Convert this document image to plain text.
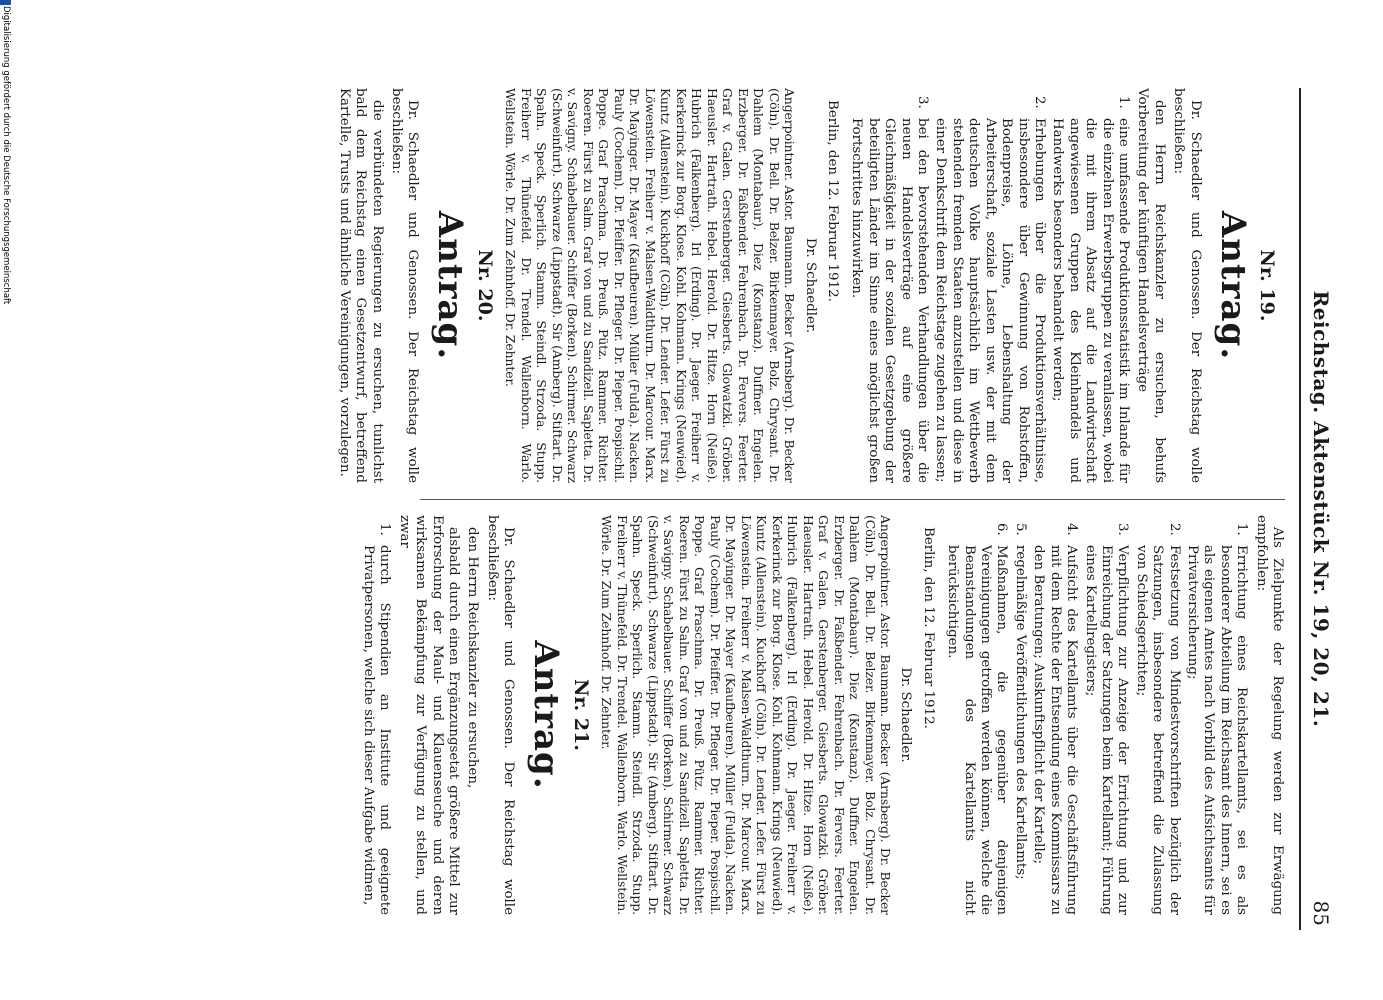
Reichstag. Aktenstück Nr. 19, 20, 21.
85
Nr. 19.
Antrag.

Dr. Schaedler und Genossen. Der Reichstag wolle beschließen:

den Herrn Reichskanzler zu ersuchen, behufs Vorbereitung der künftigen Handelsverträge

1.
eine umfassende Produktionsstatistik im Inlande für die einzelnen Erwerbsgruppen zu veranlassen, wobei die mit ihrem Absatz auf die Landwirtschaft angewiesenen Gruppen des Kleinhandels und Handwerks besonders behandelt werden;
2.
Erhebungen über die Produktionsverhältnisse, insbesondere über Gewinnung von Rohstoffen, Bodenpreise, Löhne, Lebenshaltung der Arbeiterschaft, soziale Lasten usw. der mit dem deutschen Volke hauptsächlich im Wettbewerb stehenden fremden Staaten anzustellen und diese in einer Denkschrift dem Reichstage zugehen zu lassen;
3.
bei den bevorstehenden Verhandlungen über die neuen Handelsverträge auf eine größere Gleichmäßigkeit in der sozialen Gesetzgebung der beteiligten Länder im Sinne eines möglichst großen Fortschrittes hinzuwirken.

Berlin, den 12. Februar 1912.

Dr. Schaedler.

Angerpointner. Astor. Baumann. Becker (Arnsberg). Dr. Becker (Cöln). Dr. Bell. Dr. Belzer. Birkenmayer. Bolz. Chrysant. Dr. Dahlem (Montabaur). Diez (Konstanz). Duffner. Engelen. Erzberger. Dr. Faßbender. Fehrenbach. Dr. Fervers. Feerter. Graf v. Galen. Gerstenberger. Giesberts. Glowatzki. Gröber. Haeusler. Hartrath. Hebel. Herold. Dr. Hitze. Horn (Neiße). Hubrich (Falkenberg). Irl (Erding). Dr. Jaeger. Freiherr v. Kerkerinck zur Borg. Klose. Kohl. Kohmann. Krings (Neuwied). Kuntz (Allenstein). Kuckhoff (Cöln). Dr. Lender. Lefer. Fürst zu Löwenstein. Freiherr v. Malsen-Waldthurn. Dr. Marcour. Marx. Dr. Mayinger. Dr. Mayer (Kaufbeuren). Müller (Fulda). Nacken. Pauly (Cochem). Dr. Pfeiffer. Dr. Pfleger. Dr. Pieper. Pospischil. Poppe. Graf Praschma. Dr. Preuß. Pütz. Rammer. Richter. Roeren. Fürst zu Salm. Graf von und zu Sandizell. Sapletta. Dr. v. Savigny. Schabelbauer. Schiffer (Borken). Schirmer. Schwarz (Schweinfurt). Schwarze (Lippstadt). Sir (Amberg). Stiftart. Dr. Spahn. Speck. Sperlich. Stamm. Steindl. Strzoda. Stupp. Freiherr v. Thünefeld. Dr. Trendel. Wallenborn. Warlo. Wellstein. Wörle. Dr. Zum Zehnhoff. Dr. Zehnter.

Nr. 20.
Antrag.

Dr. Schaedler und Genossen. Der Reichstag wolle beschließen:

die verbündeten Regierungen zu ersuchen, tunlichst bald dem Reichstag einen Gesetzentwurf, betreffend Kartelle, Trusts und ähnliche Vereinigungen, vorzulegen.

Als Zielpunkte der Regelung werden zur Erwägung empfohlen:

1.
Errichtung eines Reichskartellamts, sei es als besonderer Abteilung im Reichsamt des Innern, sei es als eigenen Amtes nach Vorbild des Aufsichtsamts für Privatversicherung;
2.
Festsetzung von Mindestvorschriften bezüglich der Satzungen, insbesondere betreffend die Zulassung von Schiedsgerichten;
3.
Verpflichtung zur Anzeige der Errichtung und zur Einreichung der Satzungen beim Kartellamt; Führung eines Kartellregisters;
4.
Aufsicht des Kartellamts über die Geschäftsführung mit dem Rechte der Entsendung eines Kommissars zu den Beratungen; Auskunftspflicht der Kartelle;
5.
regelmäßige Veröffentlichungen des Kartellamts;
6.
Maßnahmen, die gegenüber denjenigen Vereinigungen getroffen werden können, welche die Beanstandungen des Kartellamts nicht berücksichtigen.

Berlin, den 12. Februar 1912.

Dr. Schaedler.

Angerpointner. Astor. Baumann. Becker (Arnsberg). Dr. Becker (Cöln). Dr. Bell. Dr. Belzer. Birkenmayer. Bolz. Chrysant. Dr. Dahlem (Montabaur). Diez (Konstanz). Duffner. Engelen. Erzberger. Dr. Faßbender. Fehrenbach. Dr. Fervers. Feerter. Graf v. Galen. Gerstenberger. Giesberts. Glowatzki. Gröber. Haeusler. Hartrath. Hebel. Herold. Dr. Hitze. Horn (Neiße). Hubrich (Falkenberg). Irl (Erding). Dr. Jaeger. Freiherr v. Kerkerinck zur Borg. Klose. Kohl. Kohmann. Krings (Neuwied). Kuntz (Allenstein). Kuckhoff (Cöln). Dr. Lender. Lefer. Fürst zu Löwenstein. Freiherr v. Malsen-Waldthurn. Dr. Marcour. Marx. Dr. Mayinger. Dr. Mayer (Kaufbeuren). Müller (Fulda). Nacken. Pauly (Cochem). Dr. Pfeiffer. Dr. Pfleger. Dr. Pieper. Pospischil. Poppe. Graf Praschma. Dr. Preuß. Pütz. Rammer. Richter. Roeren. Fürst zu Salm. Graf von und zu Sandizell. Sapletta. Dr. v. Savigny. Schabelbauer. Schiffer (Borken). Schirmer. Schwarz (Schweinfurt). Schwarze (Lippstadt). Sir (Amberg). Stiftart. Dr. Spahn. Speck. Sperlich. Stamm. Steindl. Strzoda. Stupp. Freiherr v. Thünefeld. Dr. Trendel. Wallenborn. Warlo. Wellstein. Wörle. Dr. Zum Zehnhoff. Dr. Zehnter.

Nr. 21.
Antrag.

Dr. Schaedler und Genossen. Der Reichstag wolle beschließen:

den Herrn Reichskanzler zu ersuchen,

alsbald durch einen Ergänzungsetat größere Mittel zur Erforschung der Maul- und Klauenseuche und deren wirksamen Bekämpfung zur Verfügung zu stellen, und zwar

1.
durch Stipendien an Institute und geeignete Privatpersonen, welche sich dieser Aufgabe widmen,
Digitalisierung gefördert durch die Deutsche Forschungsgemeinschaft
